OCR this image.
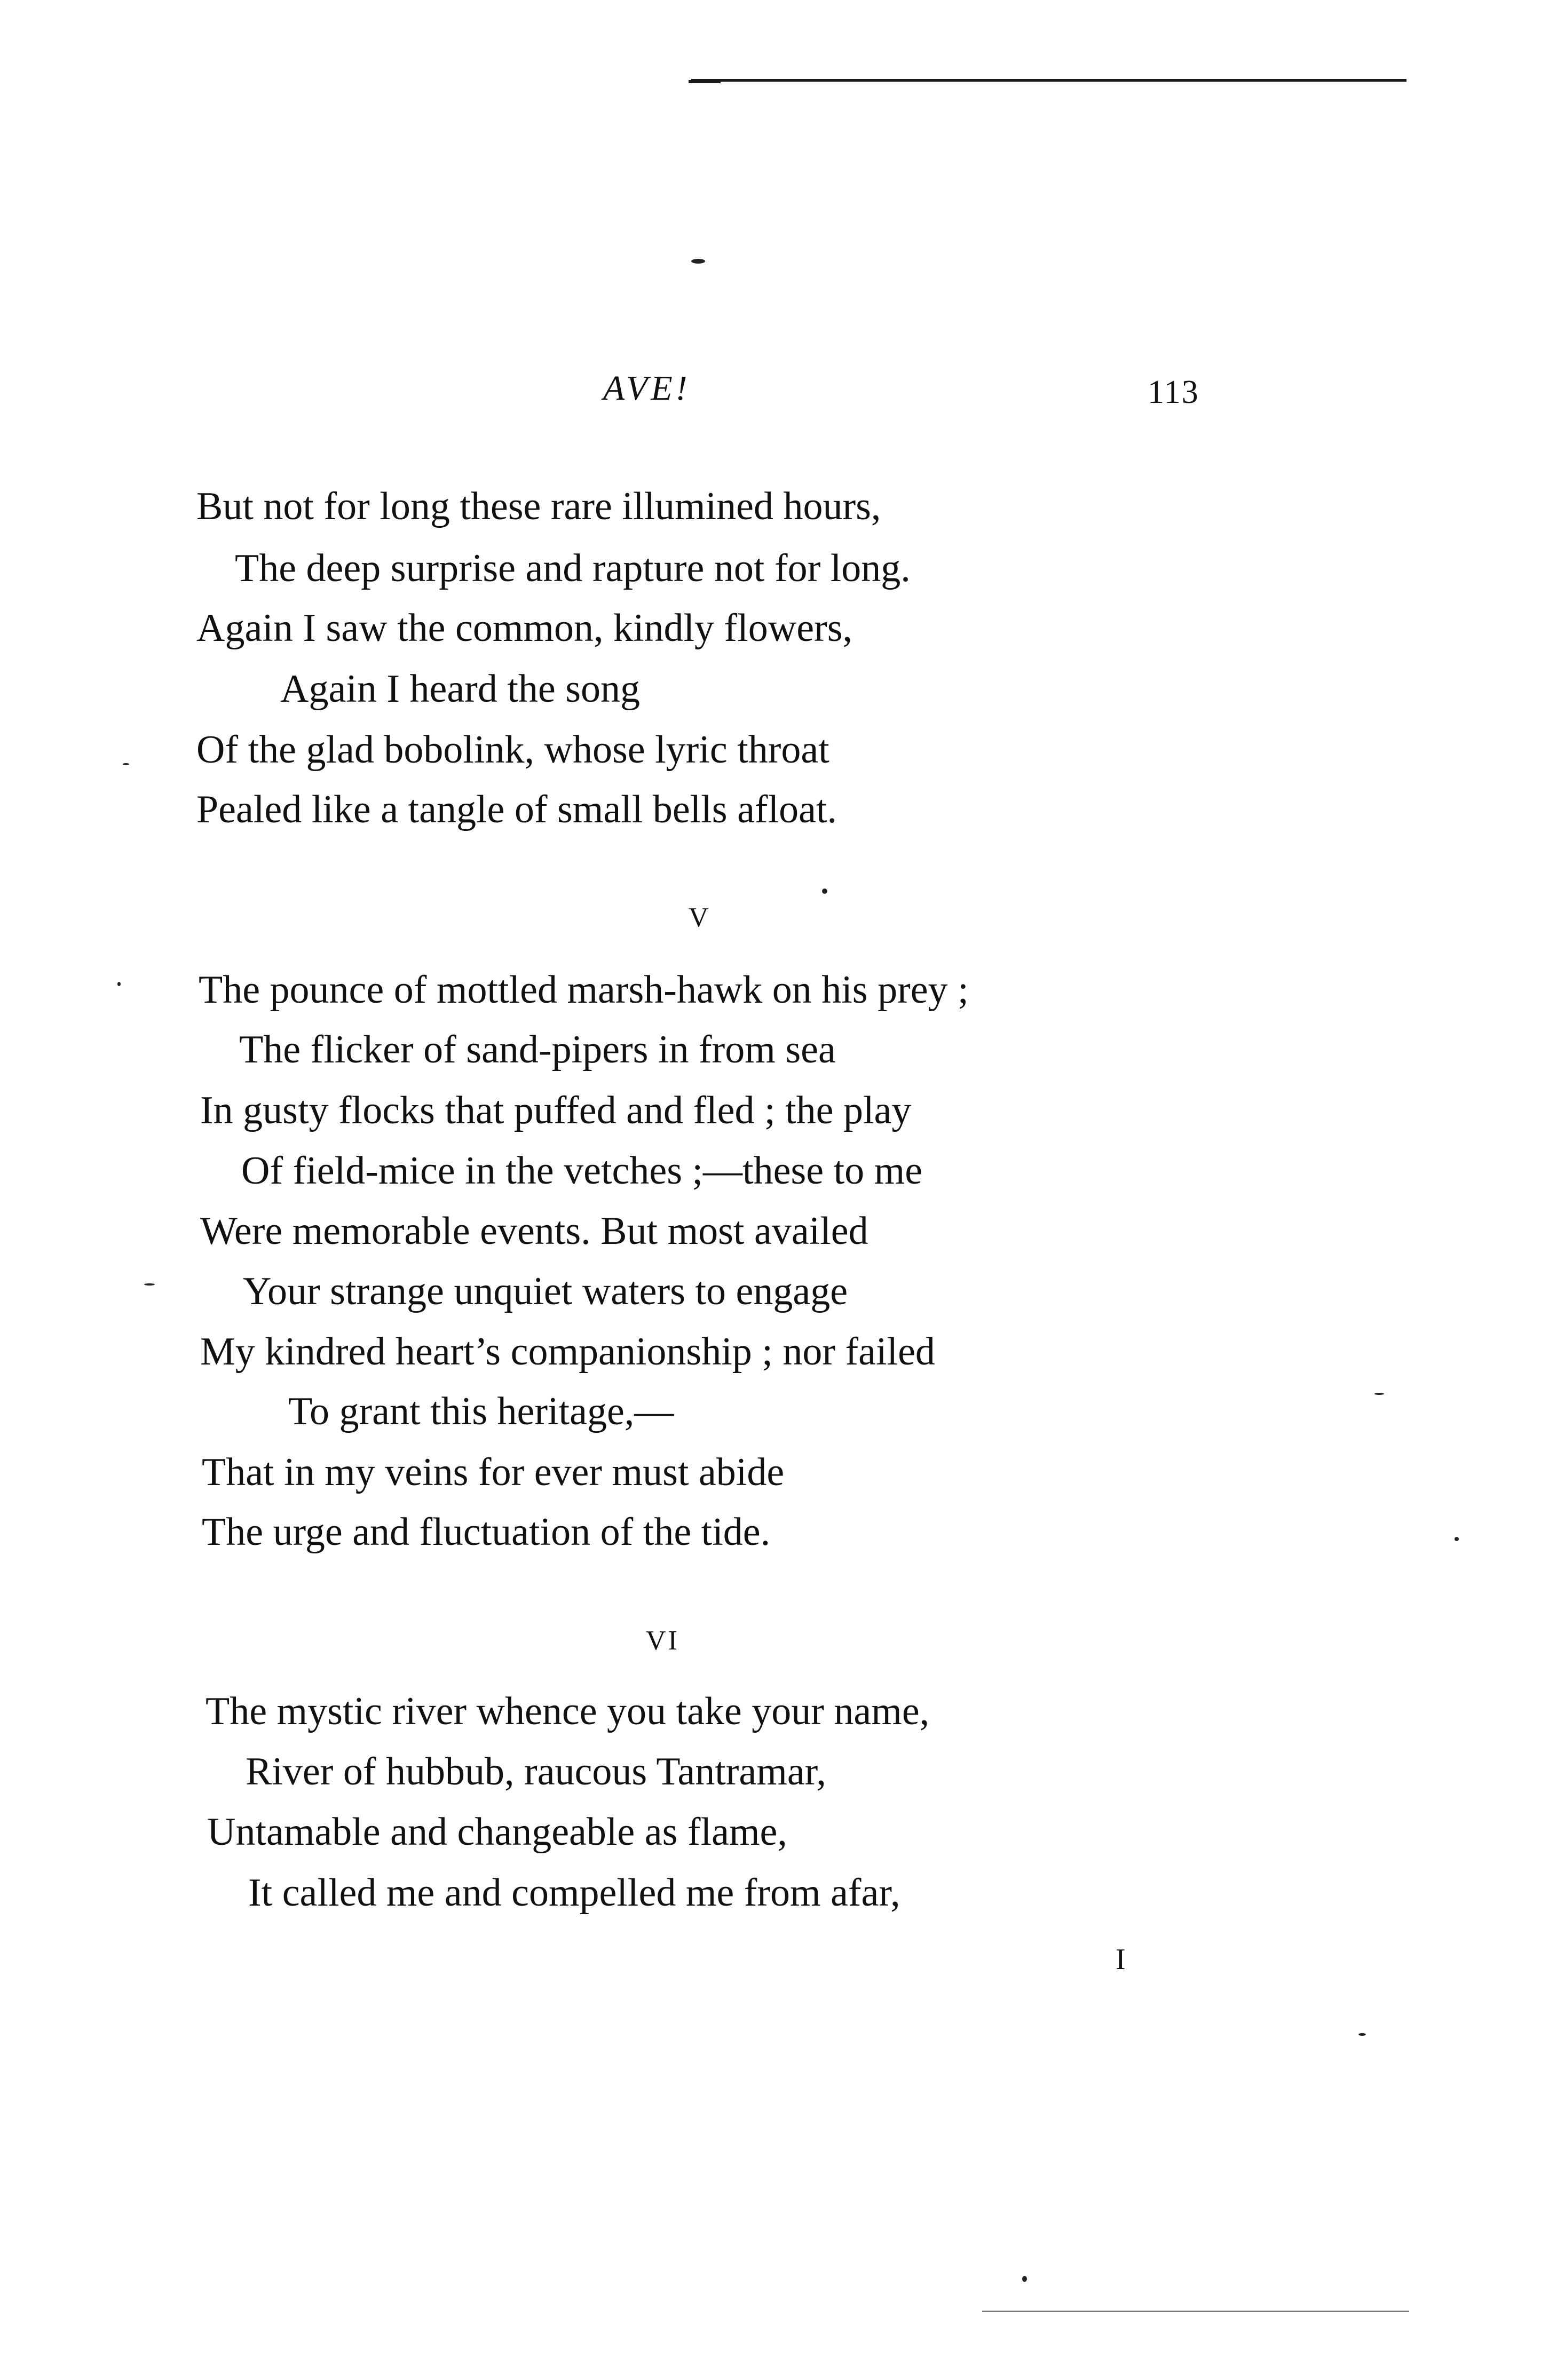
AVE!	113
But not for long these rare illumined hours,
The deep surprise and rapture not for long.
Again I saw the common, kindly flowers,
Again I heard the song
Of the glad bobolink, whose lyric throat
Pealed like a tangle of small bells afloat.
V
The pounce of mottled marsh-hawk on his prey ;
The flicker of sand-pipers in from sea
In gusty flocks that puffed and fled ; the play
Of field-mice in the vetches ;—these to me
Were memorable events. But most availed
Your strange unquiet waters to engage
My kindred heart’s companionship ; nor failed
To grant this heritage,—
That in my veins for ever must abide
The urge and fluctuation of the tide.
VI
The mystic river whence you take your name,
River of hubbub, raucous Tantramar,
Untamable and changeable as flame,
It called me and compelled me from afar,
I
